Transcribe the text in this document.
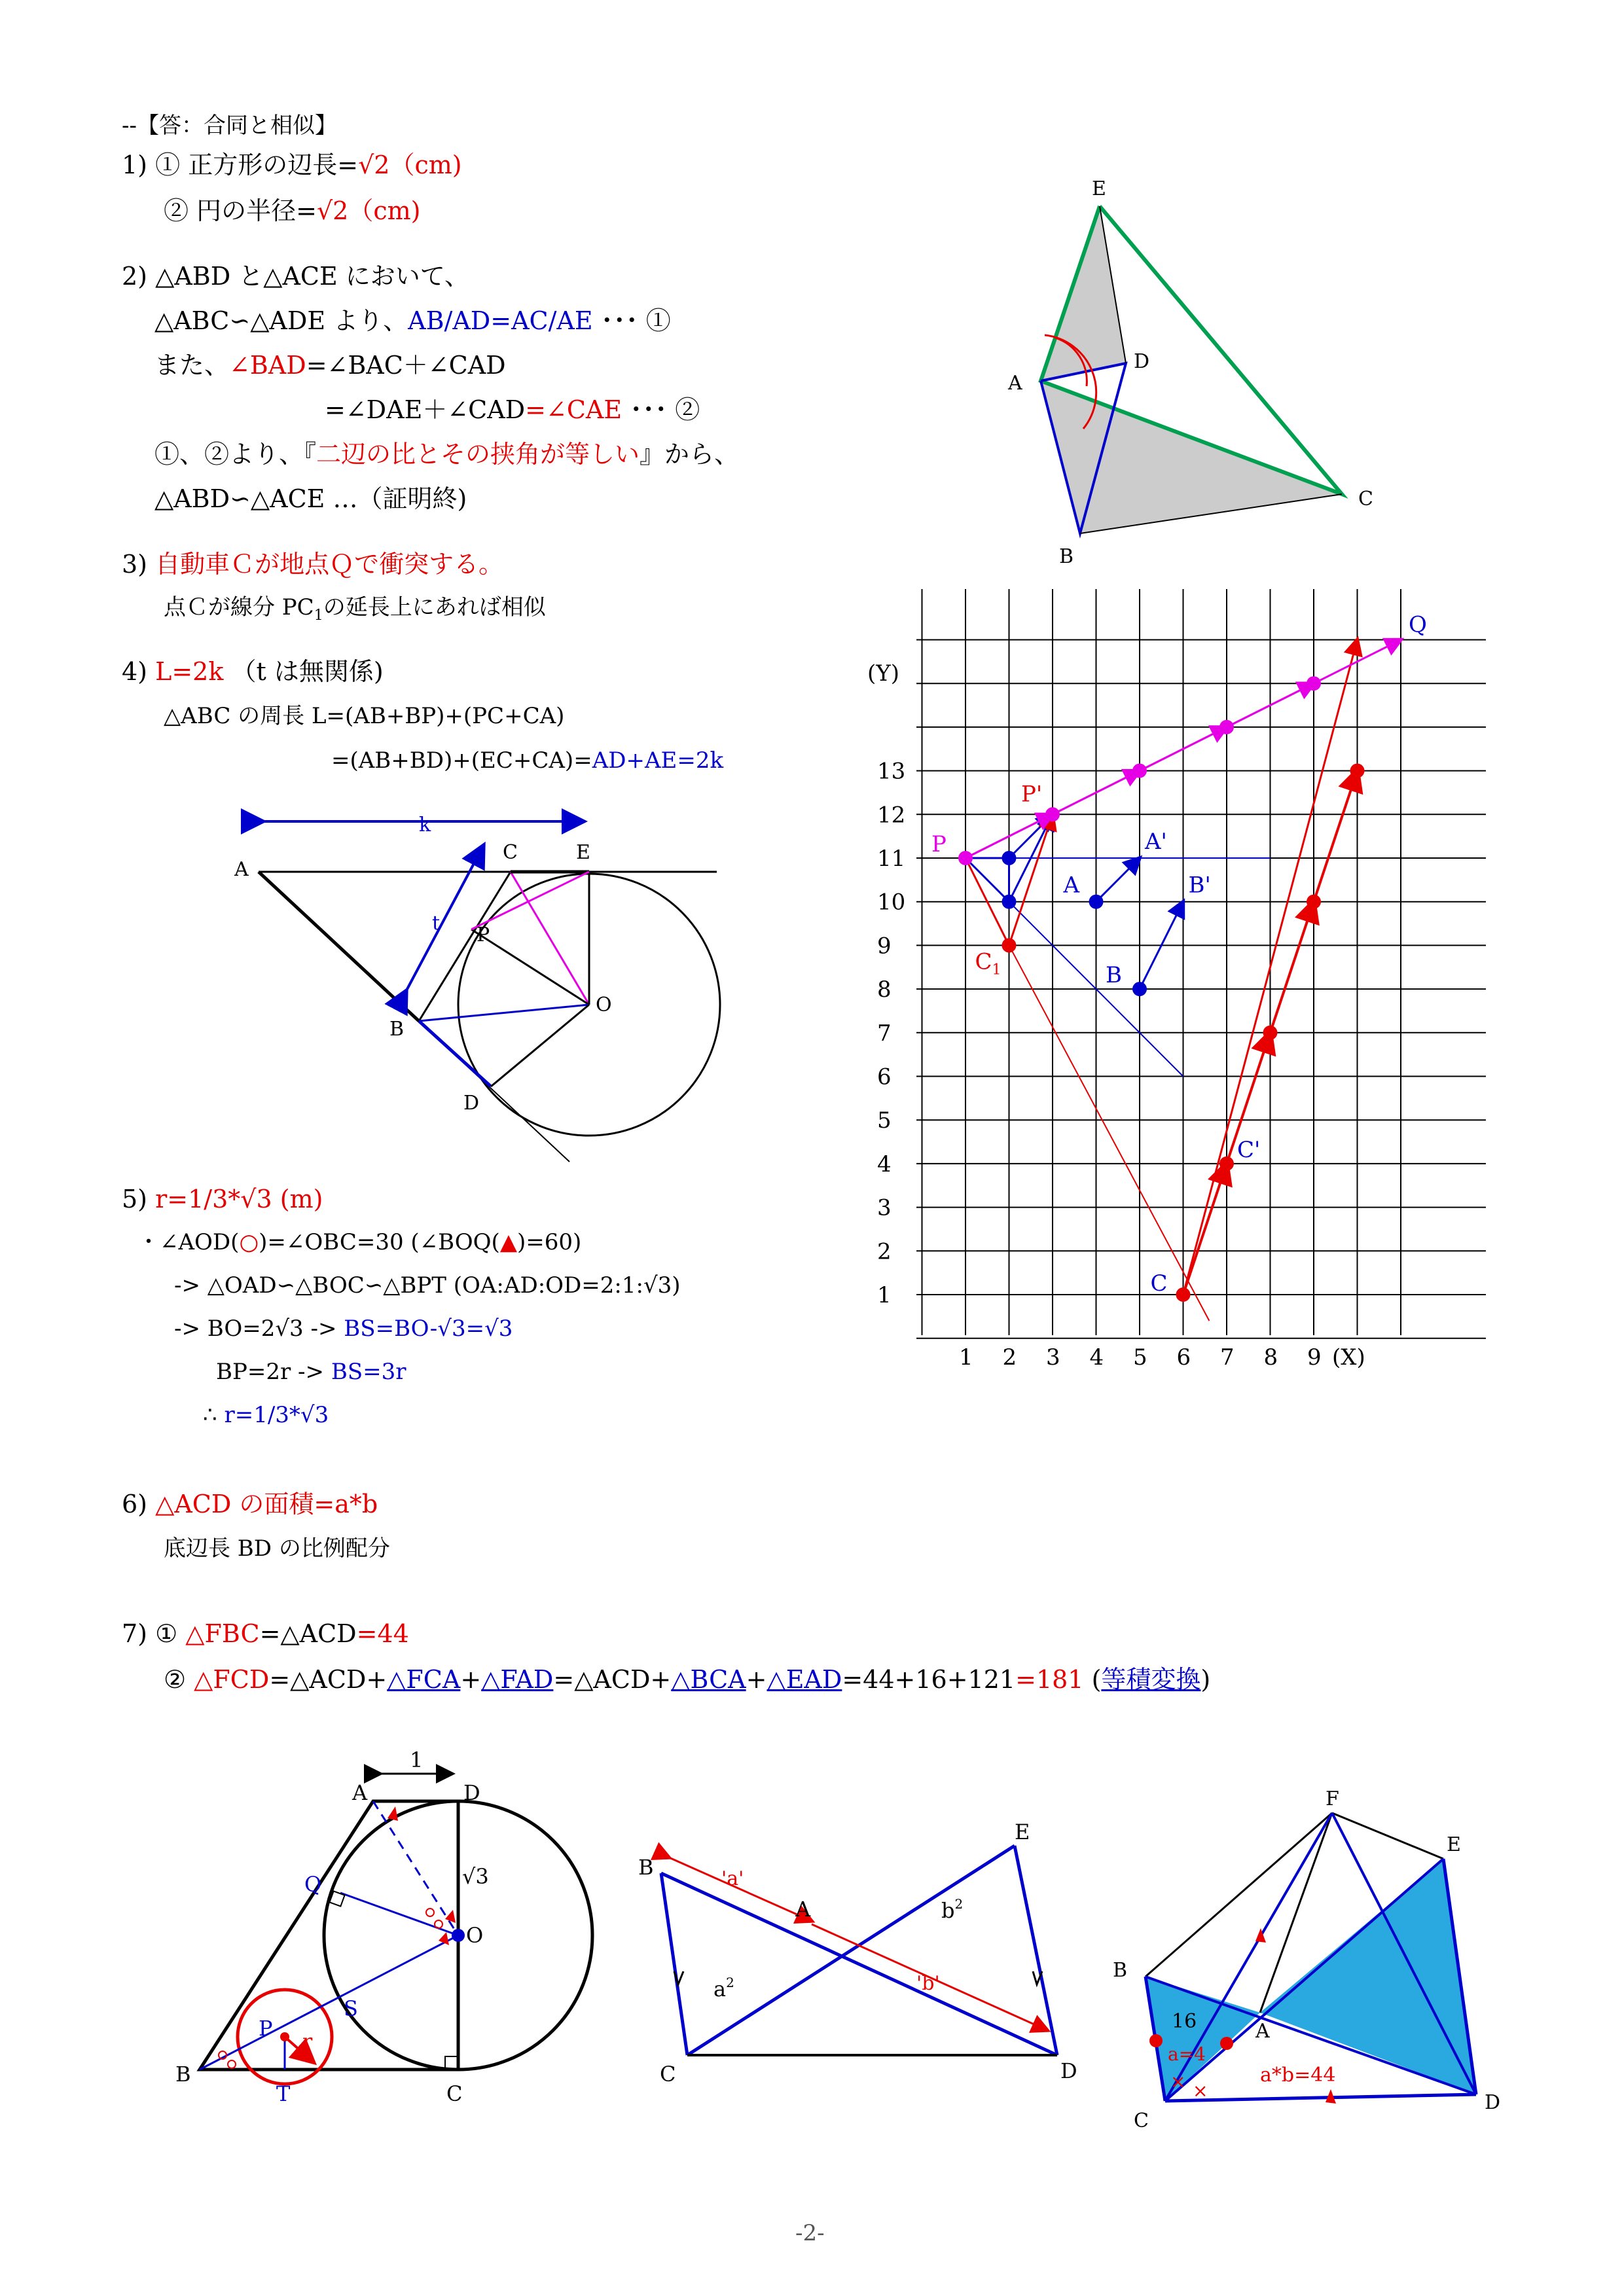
--【答：合同と相似】
1) ① 正方形の辺長=√2（cm)
② 円の半径=√2（cm)
2) △ABD と△ACE において、
△ABC∽△ADE より、AB/AD=AC/AE ･･･ ①
また、∠BAD=∠BAC＋∠CAD
=∠DAE＋∠CAD=∠CAE ･･･ ②
①、②より、『二辺の比とその挟角が等しい』から、
△ABD∽△ACE …（証明終)
3) 自動車Ｃが地点Ｑで衝突する。
点Ｃが線分 $PC_1$の延長上にあれば相似
4) L=2k （t は無関係)
△ABC の周長 L=(AB+BP)+(PC+CA)
=(AB+BD)+(EC+CA)=AD+AE=2k
5) r=1/3*√3 (m)
・∠AOD(○)=∠OBC=30 (∠BOQ(▲)=60)
-> △OAD∽△BOC∽△BPT (OA:AD:OD=2:1:√3)
-> BO=2√3 -> BS=BO-√3=√3
BP=2r -> BS=3r
∴ r=1/3*√3
6) △ACD の面積=a*b
底辺長 BD の比例配分
7) ① △FBC=△ACD=44
② △FCD=△ACD+△FCA+△FAD=△ACD+△BCA+△EAD=44+16+121=181 (等積変換)
E
A
D
B
C
k
t
A
C	E
P
B
O
D
1
2
3
4
5
6
7
8
9
10
11
12
13
1 2 3 4 5 6 7 8 9
(Y)
(X)
P
P'
Q
A
A'
B
B'
C
C'
$C_1$
1
A	D
Q	√3
O
P
r
S
B
T	C
B
E
A
C	D
'a'
'b'
$a^2$
$b^2$
× ×
F
E
B
A
C
D
16
a=4
a*b=44
-2-
